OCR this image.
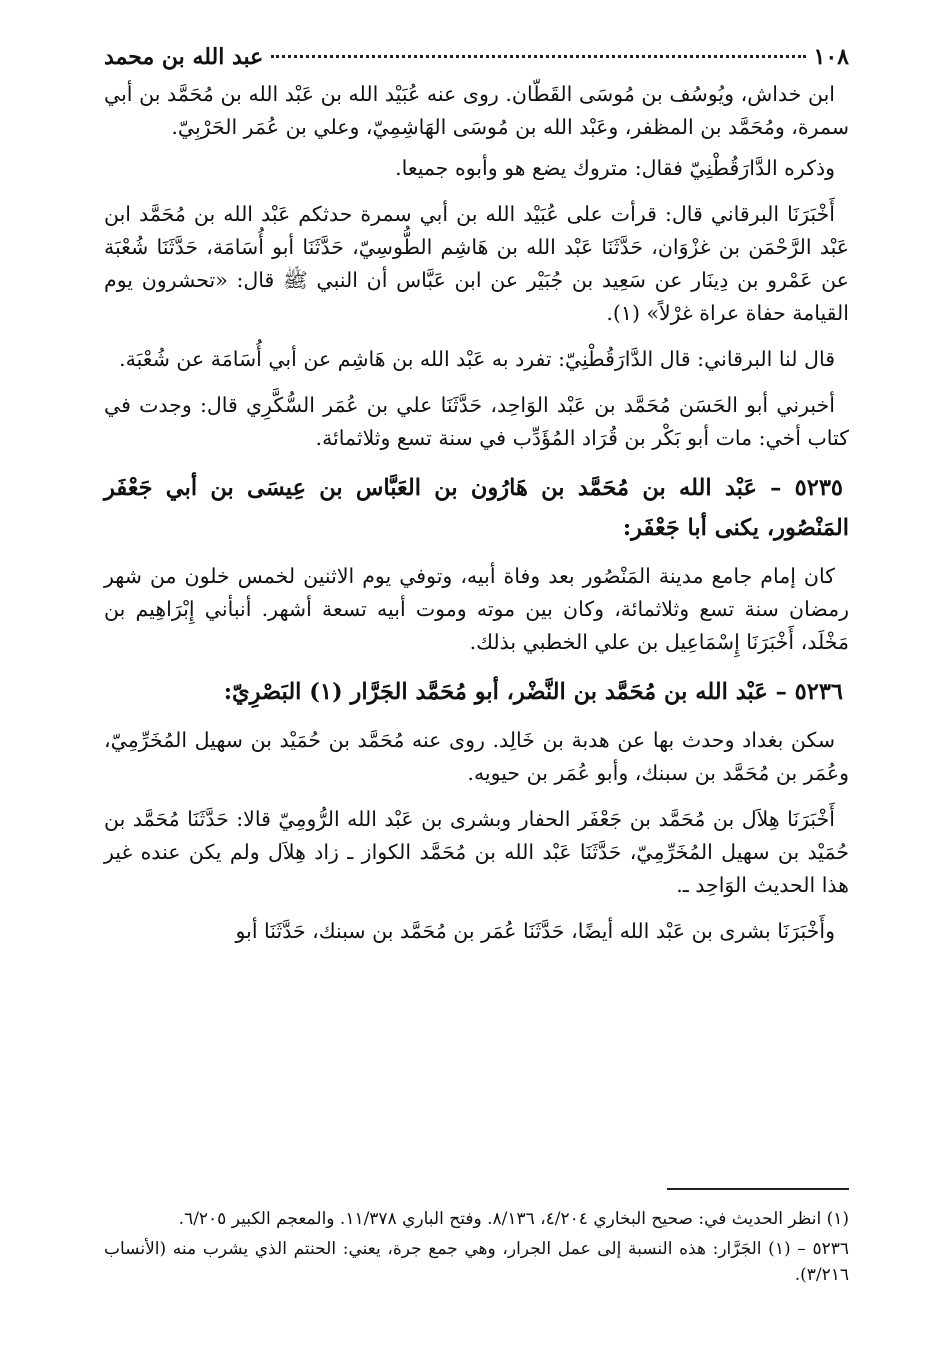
١٠٨
عبد الله بن محمد

ابن خداش، ويُوسُف بن مُوسَى القَطّان. روى عنه عُبَيْد الله بن عَبْد الله بن مُحَمَّد بن أبي سمرة، ومُحَمَّد بن المظفر، وعَبْد الله بن مُوسَى الهَاشِمِيّ، وعلي بن عُمَر الحَرْبِيّ.

وذكره الدَّارَقُطْنِيّ فقال: متروك يضع هو وأبوه جميعا.

أَخْبَرَنَا البرقاني قال: قرأت على عُبَيْد الله بن أبي سمرة حدثكم عَبْد الله بن مُحَمَّد ابن عَبْد الرَّحْمَن بن غزْوَان، حَدَّثَنَا عَبْد الله بن هَاشِم الطُّوسِيّ، حَدَّثَنَا أبو أُسَامَة، حَدَّثَنَا شُعْبَة عن عَمْرو بن دِينَار عن سَعِيد بن جُبَيْر عن ابن عَبَّاس أن النبي ﷺ قال: «تحشرون يوم القيامة حفاة عراة غرْلاً» (١).

قال لنا البرقاني: قال الدَّارَقُطْنِيّ: تفرد به عَبْد الله بن هَاشِم عن أبي أُسَامَة عن شُعْبَة.

أخبرني أبو الحَسَن مُحَمَّد بن عَبْد الوَاحِد، حَدَّثَنَا علي بن عُمَر السُّكَّرِي قال: وجدت في كتاب أخي: مات أبو بَكْر بن قُرَاد المُؤَدِّب في سنة تسع وثلاثمائة.

٥٢٣٥ – عَبْد الله بن مُحَمَّد بن هَارُون بن العَبَّاس بن عِيسَى بن أبي جَعْفَر المَنْصُور، يكنى أبا جَعْفَر:

كان إمام جامع مدينة المَنْصُور بعد وفاة أبيه، وتوفي يوم الاثنين لخمس خلون من شهر رمضان سنة تسع وثلاثمائة، وكان بين موته وموت أبيه تسعة أشهر. أنبأني إِبْرَاهِيم بن مَخْلَد، أَخْبَرَنَا إِسْمَاعِيل بن علي الخطبي بذلك.

٥٢٣٦ – عَبْد الله بن مُحَمَّد بن النَّضْر، أبو مُحَمَّد الجَرَّار (١) البَصْرِيّ:

سكن بغداد وحدث بها عن هدبة بن خَالِد. روى عنه مُحَمَّد بن حُمَيْد بن سهيل المُخَرِّمِيّ، وعُمَر بن مُحَمَّد بن سبنك، وأبو عُمَر بن حيويه.

أَخْبَرَنَا هِلاَل بن مُحَمَّد بن جَعْفَر الحفار وبشرى بن عَبْد الله الرُّومِيّ قالا: حَدَّثَنَا مُحَمَّد بن حُمَيْد بن سهيل المُخَرِّمِيّ، حَدَّثَنَا عَبْد الله بن مُحَمَّد الكواز ـ زاد هِلاَل ولم يكن عنده غير هذا الحديث الوَاحِد ـ.

وأَخْبَرَنَا بشرى بن عَبْد الله أيضًا، حَدَّثَنَا عُمَر بن مُحَمَّد بن سبنك، حَدَّثَنَا أبو

(١) انظر الحديث في: صحيح البخاري ٤/٢٠٤، ٨/١٣٦. وفتح الباري ١١/٣٧٨. والمعجم الكبير ٦/٢٠٥.

٥٢٣٦ – (١) الجَرَّار: هذه النسبة إلى عمل الجرار، وهي جمع جرة، يعني: الحنتم الذي يشرب منه (الأنساب ٣/٢١٦).
